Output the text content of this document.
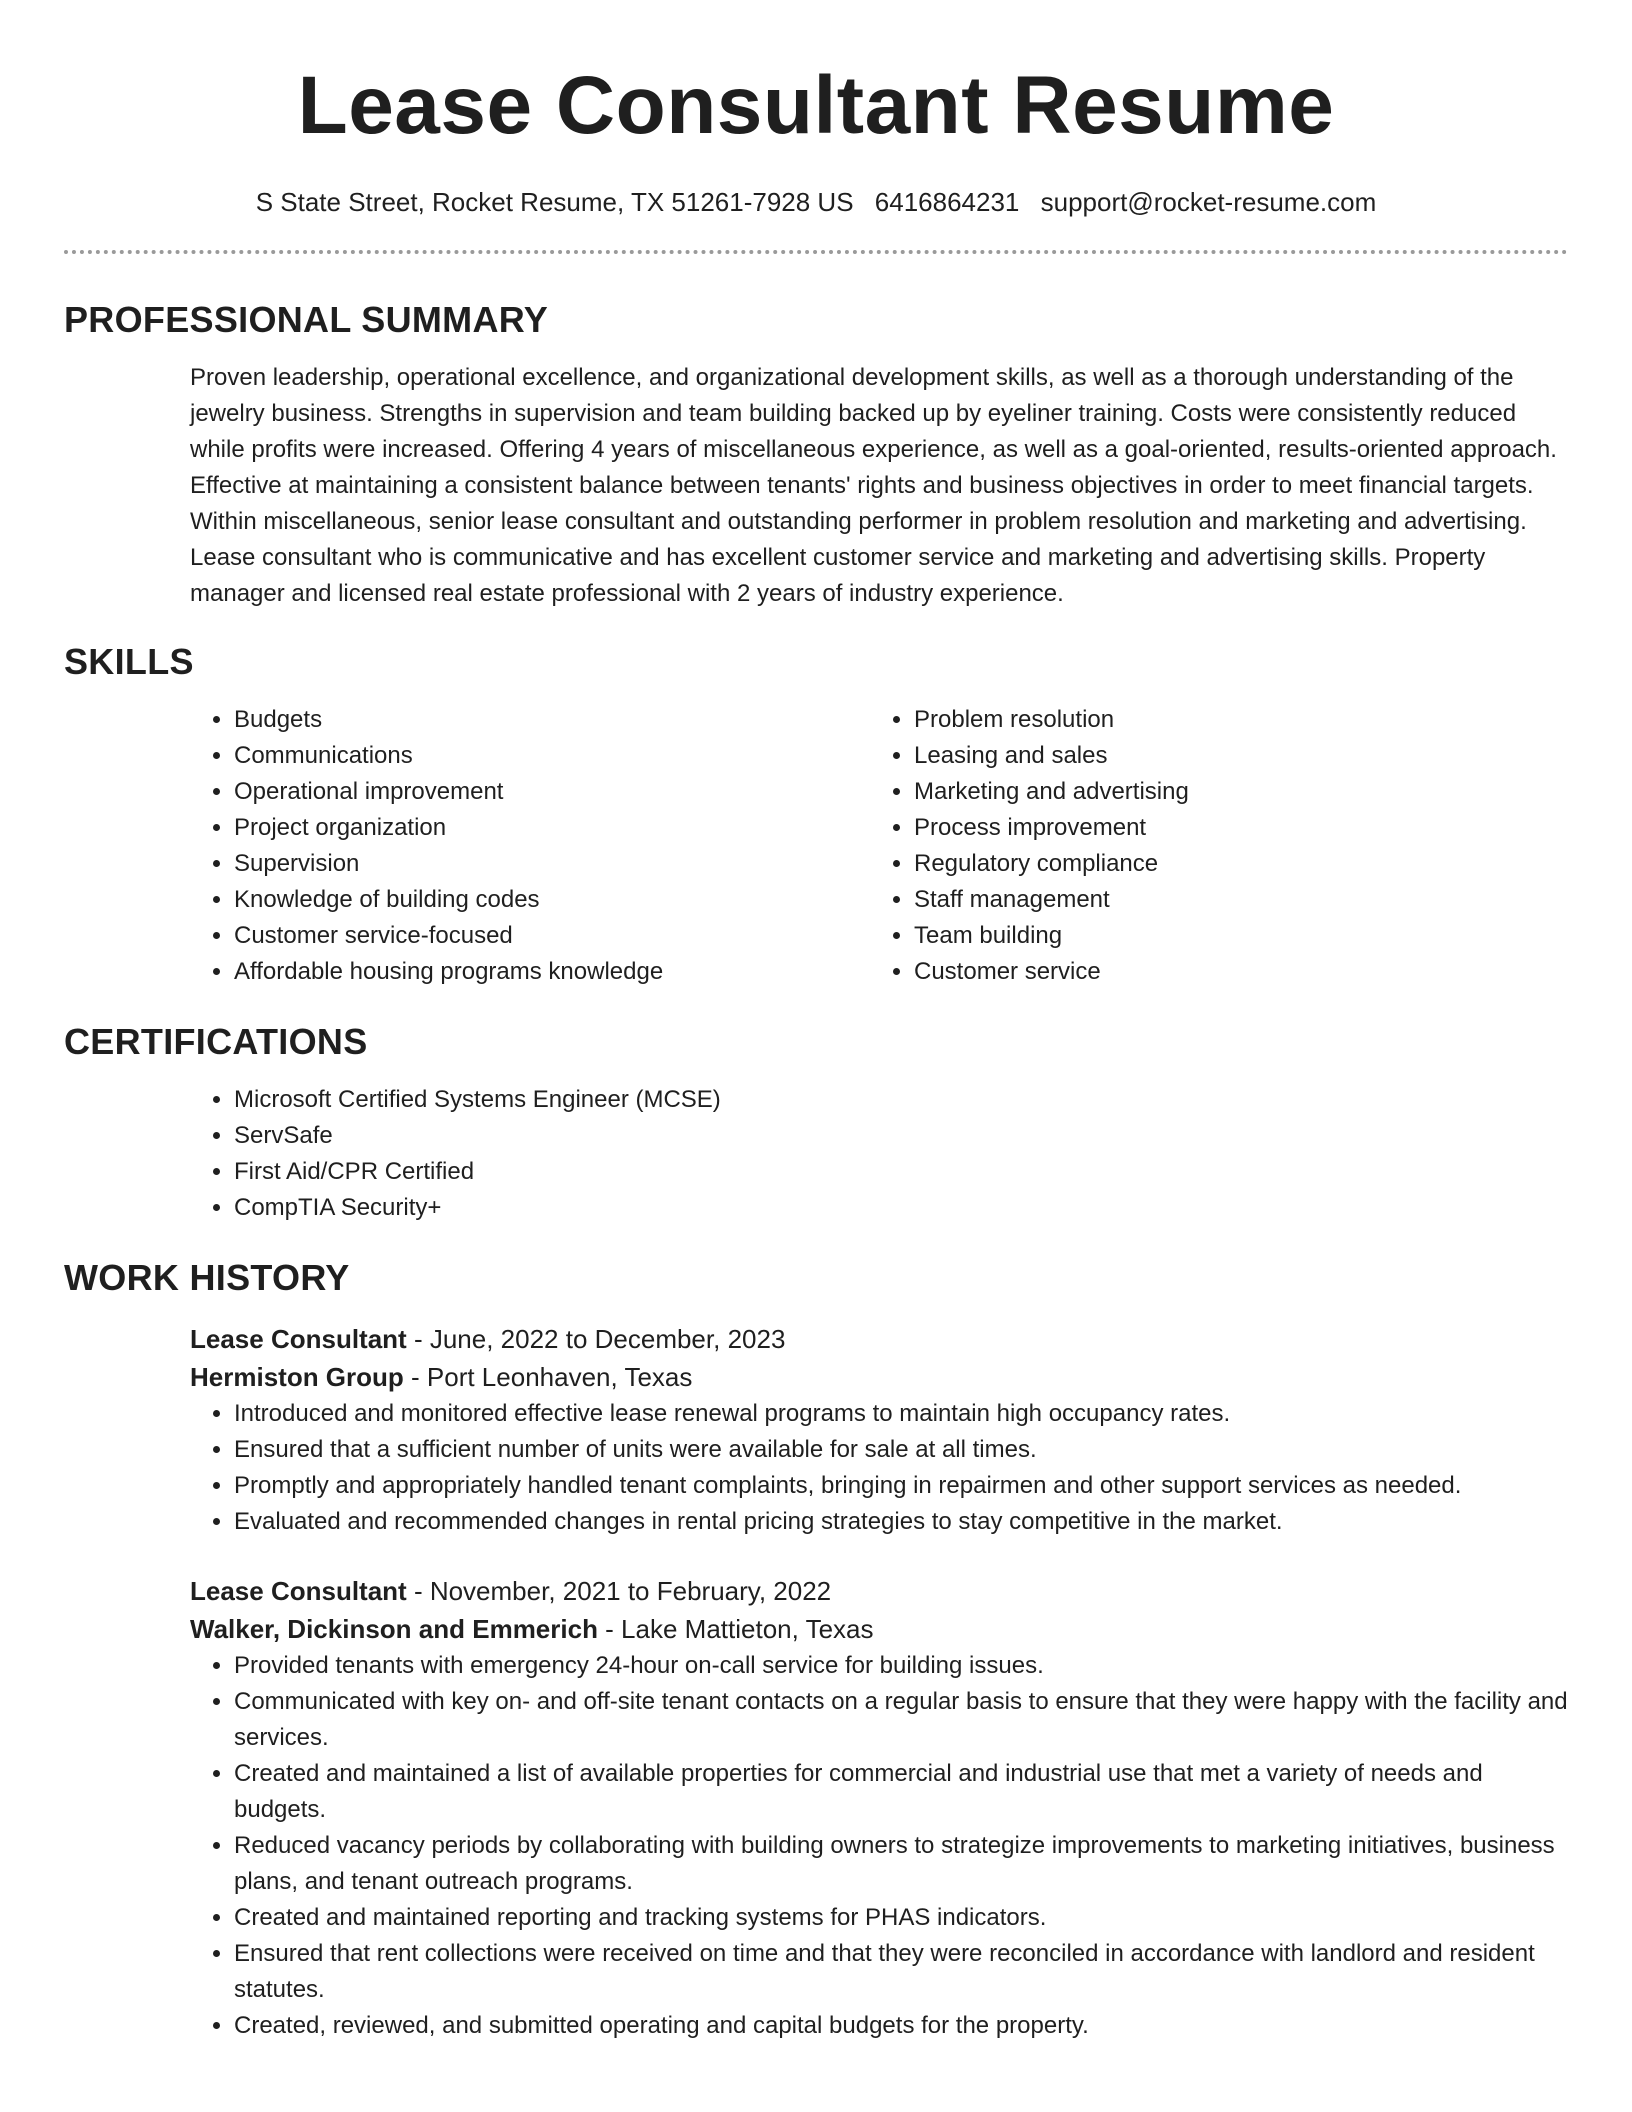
Lease Consultant Resume
S State Street, Rocket Resume, TX 51261-7928 US 6416864231 support@rocket-resume.com
PROFESSIONAL SUMMARY

Proven leadership, operational excellence, and organizational development skills, as well as a thorough understanding of the jewelry business. Strengths in supervision and team building backed up by eyeliner training. Costs were consistently reduced while profits were increased. Offering 4 years of miscellaneous experience, as well as a goal-oriented, results-oriented approach. Effective at maintaining a consistent balance between tenants' rights and business objectives in order to meet financial targets. Within miscellaneous, senior lease consultant and outstanding performer in problem resolution and marketing and advertising. Lease consultant who is communicative and has excellent customer service and marketing and advertising skills. Property manager and licensed real estate professional with 2 years of industry experience.

SKILLS
• Budgets
• Communications
• Operational improvement
• Project organization
• Supervision
• Knowledge of building codes
• Customer service-focused
• Affordable housing programs knowledge
• Problem resolution
• Leasing and sales
• Marketing and advertising
• Process improvement
• Regulatory compliance
• Staff management
• Team building
• Customer service
CERTIFICATIONS
• Microsoft Certified Systems Engineer (MCSE)
• ServSafe
• First Aid/CPR Certified
• CompTIA Security+
WORK HISTORY
Lease Consultant - June, 2022 to December, 2023
Hermiston Group - Port Leonhaven, Texas
• Introduced and monitored effective lease renewal programs to maintain high occupancy rates.
• Ensured that a sufficient number of units were available for sale at all times.
• Promptly and appropriately handled tenant complaints, bringing in repairmen and other support services as needed.
• Evaluated and recommended changes in rental pricing strategies to stay competitive in the market.
Lease Consultant - November, 2021 to February, 2022
Walker, Dickinson and Emmerich - Lake Mattieton, Texas
• Provided tenants with emergency 24-hour on-call service for building issues.
• Communicated with key on- and off-site tenant contacts on a regular basis to ensure that they were happy with the facility and services.
• Created and maintained a list of available properties for commercial and industrial use that met a variety of needs and budgets.
• Reduced vacancy periods by collaborating with building owners to strategize improvements to marketing initiatives, business plans, and tenant outreach programs.
• Created and maintained reporting and tracking systems for PHAS indicators.
• Ensured that rent collections were received on time and that they were reconciled in accordance with landlord and resident statutes.
• Created, reviewed, and submitted operating and capital budgets for the property.
